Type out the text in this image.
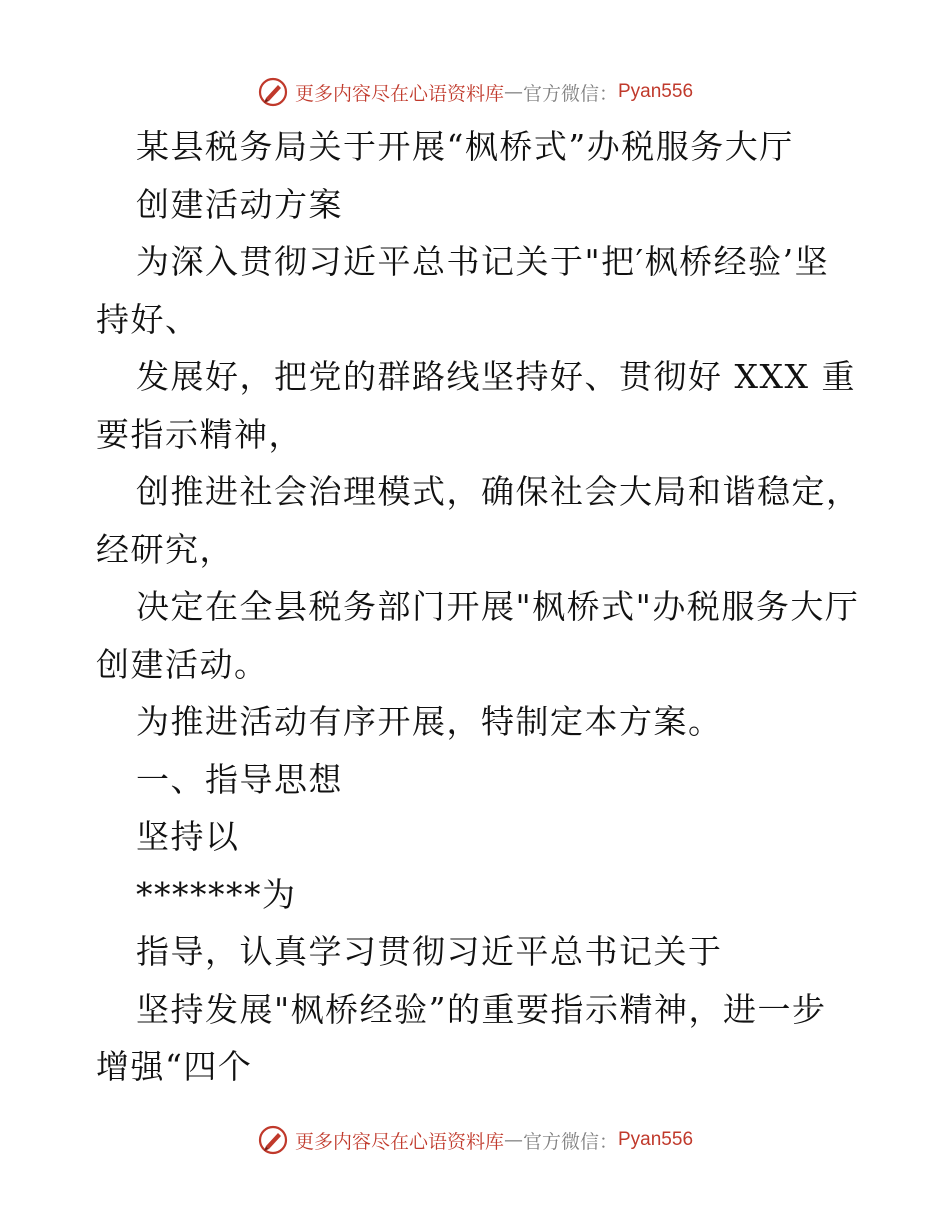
更多内容尽在心语资料库 — 官方微信： Pyan556

某县税务局关于开展“枫桥式”办税服务大厅

创建活动方案

为深入贯彻习近平总书记关于"把′枫桥经验’坚

持好、

发展好，把党的群路线坚持好、贯彻好 XXX 重

要指示精神，

创推进社会治理模式，确保社会大局和谐稳定，

经研究，

决定在全县税务部门开展"枫桥式"办税服务大厅

创建活动。

为推进活动有序开展，特制定本方案。

一、指导思想

坚持以

*******为

指导，认真学习贯彻习近平总书记关于

坚持发展"枫桥经验”的重要指示精神，进一步

增强“四个

更多内容尽在心语资料库 — 官方微信： Pyan556
